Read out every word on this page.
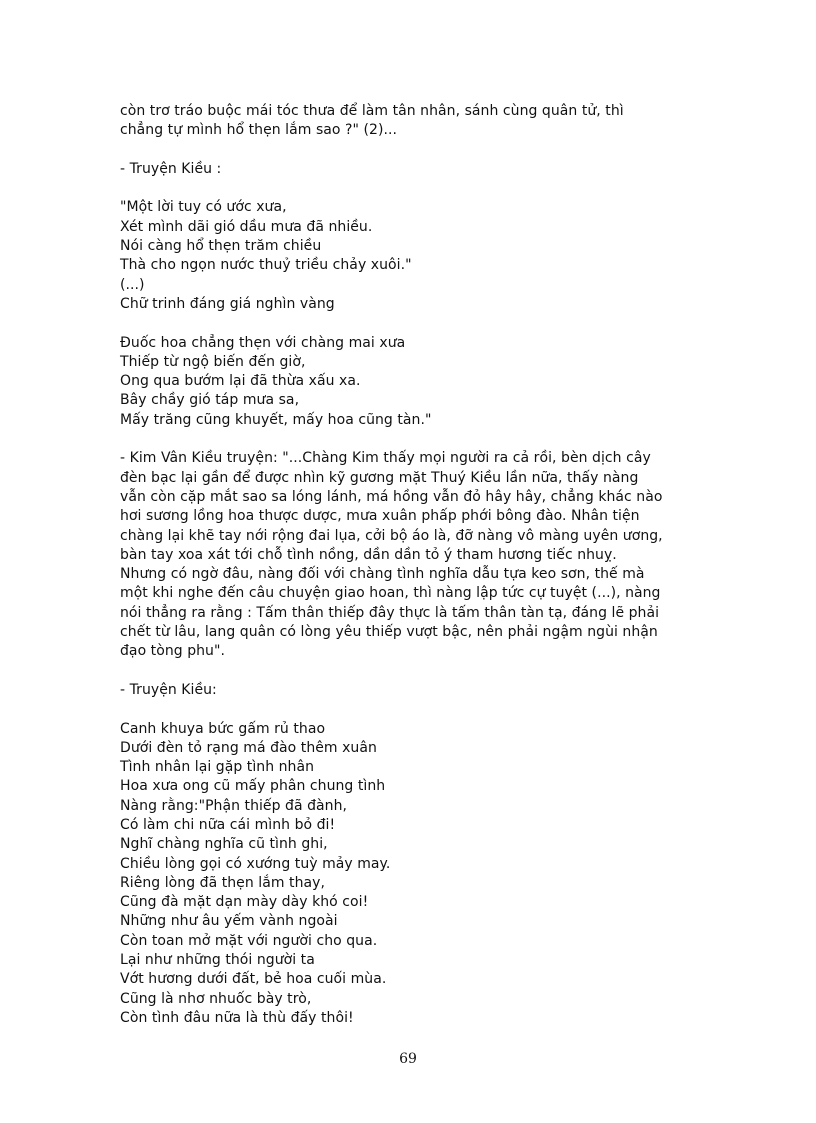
còn trơ tráo buộc mái tóc thưa để làm tân nhân, sánh cùng quân tử, thì
chẳng tự mình hổ thẹn lắm sao ?" (2)...
- Truyện Kiều :
"Một lời tuy có ước xưa,
Xét mình dãi gió dầu mưa đã nhiều.
Nói càng hổ thẹn trăm chiều
Thà cho ngọn nước thuỷ triều chảy xuôi."
(...)
Chữ trinh đáng giá nghìn vàng
Đuốc hoa chẳng thẹn với chàng mai xưa
Thiếp từ ngộ biến đến giờ,
Ong qua bướm lại đã thừa xấu xa.
Bây chầy gió táp mưa sa,
Mấy trăng cũng khuyết, mấy hoa cũng tàn."
- Kim Vân Kiều truyện: "...Chàng Kim thấy mọi người ra cả rồi, bèn dịch cây
đèn bạc lại gần để được nhìn kỹ gương mặt Thuý Kiều lần nữa, thấy nàng
vẫn còn cặp mắt sao sa lóng lánh, má hồng vẫn đỏ hây hây, chẳng khác nào
hơi sương lồng hoa thược dược, mưa xuân phấp phới bông đào. Nhân tiện
chàng lại khẽ tay nới rộng đai lụa, cởi bộ áo là, đỡ nàng vô màng uyên ương,
bàn tay xoa xát tới chỗ tình nồng, dần dần tỏ ý tham hương tiếc nhuỵ.
Nhưng có ngờ đâu, nàng đối với chàng tình nghĩa dẫu tựa keo sơn, thế mà
một khi nghe đến câu chuyện giao hoan, thì nàng lập tức cự tuyệt (...), nàng
nói thẳng ra rằng : Tấm thân thiếp đây thực là tấm thân tàn tạ, đáng lẽ phải
chết từ lâu, lang quân có lòng yêu thiếp vượt bậc, nên phải ngậm ngùi nhận
đạo tòng phu".
- Truyện Kiều:
Canh khuya bức gấm rủ thao
Dưới đèn tỏ rạng má đào thêm xuân
Tình nhân lại gặp tình nhân
Hoa xưa ong cũ mấy phân chung tình
Nàng rằng:"Phận thiếp đã đành,
Có làm chi nữa cái mình bỏ đi!
Nghĩ chàng nghĩa cũ tình ghi,
Chiều lòng gọi có xướng tuỳ mảy may.
Riêng lòng đã thẹn lắm thay,
Cũng đà mặt dạn mày dày khó coi!
Những như âu yếm vành ngoài
Còn toan mở mặt với người cho qua.
Lại như những thói người ta
Vớt hương dưới đất, bẻ hoa cuối mùa.
Cũng là nhơ nhuốc bày trò,
Còn tình đâu nữa là thù đấy thôi!
69
